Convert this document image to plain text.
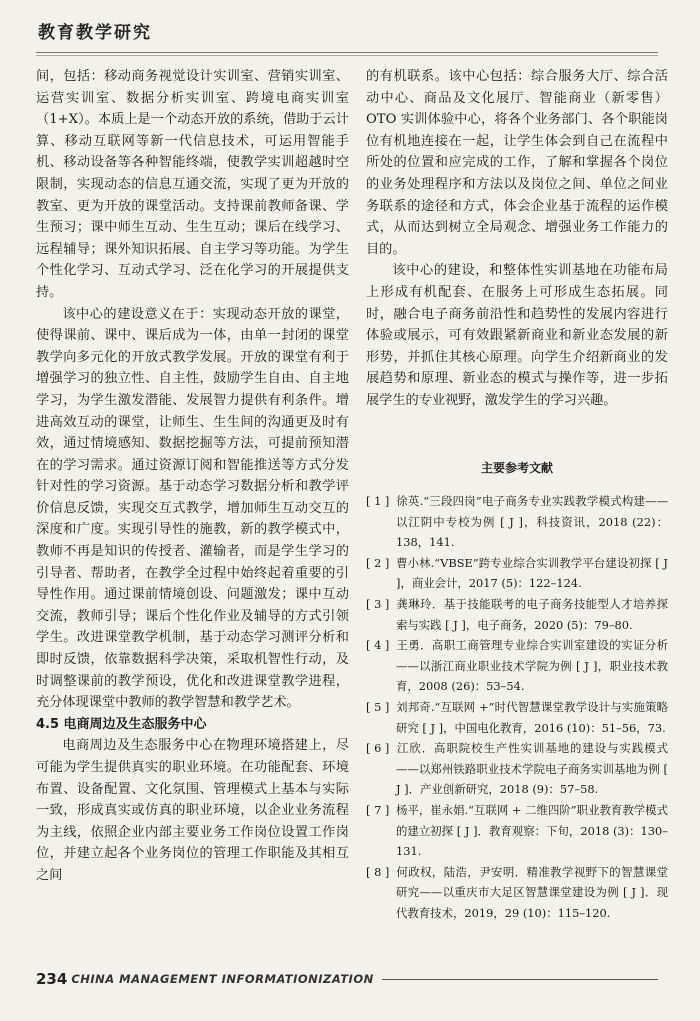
教育教学研究

间，包括：移动商务视觉设计实训室、营销实训室、运营实训室、数据分析实训室、跨境电商实训室（1+X）。本质上是一个动态开放的系统，借助于云计算、移动互联网等新一代信息技术，可运用智能手机、移动设备等各种智能终端，使教学实训超越时空限制，实现动态的信息互通交流，实现了更为开放的教室、更为开放的课堂活动。支持课前教师备课、学生预习；课中师生互动、生生互动；课后在线学习、远程辅导；课外知识拓展、自主学习等功能。为学生个性化学习、互动式学习、泛在化学习的开展提供支持。

该中心的建设意义在于：实现动态开放的课堂，使得课前、课中、课后成为一体，由单一封闭的课堂教学向多元化的开放式教学发展。开放的课堂有利于增强学习的独立性、自主性，鼓励学生自由、自主地学习，为学生激发潜能、发展智力提供有利条件。增进高效互动的课堂，让师生、生生间的沟通更及时有效，通过情境感知、数据挖掘等方法，可提前预知潜在的学习需求。通过资源订阅和智能推送等方式分发针对性的学习资源。基于动态学习数据分析和教学评价信息反馈，实现交互式教学，增加师生互动交互的深度和广度。实现引导性的施教，新的教学模式中，教师不再是知识的传授者、灌输者，而是学生学习的引导者、帮助者，在教学全过程中始终起着重要的引导性作用。通过课前情境创设、问题激发；课中互动交流，教师引导；课后个性化作业及辅导的方式引领学生。改进课堂教学机制，基于动态学习测评分析和即时反馈，依靠数据科学决策，采取机智性行动，及时调整课前的教学预设，优化和改进课堂教学进程，充分体现课堂中教师的教学智慧和教学艺术。

4.5 电商周边及生态服务中心

电商周边及生态服务中心在物理环境搭建上，尽可能为学生提供真实的职业环境。在功能配套、环境布置、设备配置、文化氛围、管理模式上基本与实际一致，形成真实或仿真的职业环境，以企业业务流程为主线，依照企业内部主要业务工作岗位设置工作岗位，并建立起各个业务岗位的管理工作职能及其相互之间

的有机联系。该中心包括：综合服务大厅、综合活动中心、商品及文化展厅、智能商业（新零售）OTO 实训体验中心，将各个业务部门、各个职能岗位有机地连接在一起，让学生体会到自己在流程中所处的位置和应完成的工作，了解和掌握各个岗位的业务处理程序和方法以及岗位之间、单位之间业务联系的途径和方式，体会企业基于流程的运作模式，从而达到树立全局观念、增强业务工作能力的目的。

该中心的建设，和整体性实训基地在功能布局上形成有机配套、在服务上可形成生态拓展。同时，融合电子商务前沿性和趋势性的发展内容进行体验或展示，可有效跟紧新商业和新业态发展的新形势，并抓住其核心原理。向学生介绍新商业的发展趋势和原理、新业态的模式与操作等，进一步拓展学生的专业视野，激发学生的学习兴趣。

主要参考文献

[ 1 ] 徐英.“三段四岗”电子商务专业实践教学模式构建——以江阴中专校为例 [ J ]，科技资讯，2018 (22)：138，141.

[ 2 ] 曹小林.“VBSE”跨专业综合实训教学平台建设初探 [ J ]，商业会计，2017 (5)：122–124.

[ 3 ] 龚琳玲．基于技能联考的电子商务技能型人才培养探索与实践 [ J ]，电子商务，2020 (5)：79–80.

[ 4 ] 王勇．高职工商管理专业综合实训室建设的实证分析——以浙江商业职业技术学院为例 [ J ]，职业技术教育，2008 (26)：53–54.

[ 5 ] 刘邦奇.“互联网 +”时代智慧课堂教学设计与实施策略研究 [ J ]，中国电化教育，2016 (10)：51–56，73.

[ 6 ] 江欣．高职院校生产性实训基地的建设与实践模式——以郑州铁路职业技术学院电子商务实训基地为例 [ J ]．产业创新研究，2018 (9)：57–58.

[ 7 ] 杨平，崔永娟.“互联网 + 二维四阶”职业教育教学模式的建立初探 [ J ]．教育观察：下旬，2018 (3)：130–131.

[ 8 ] 何政权，陆浩，尹安明．精准教学视野下的智慧课堂研究——以重庆市大足区智慧课堂建设为例 [ J ]．现代教育技术，2019，29 (10)：115–120.

234 CHINA MANAGEMENT INFORMATIONIZATION
